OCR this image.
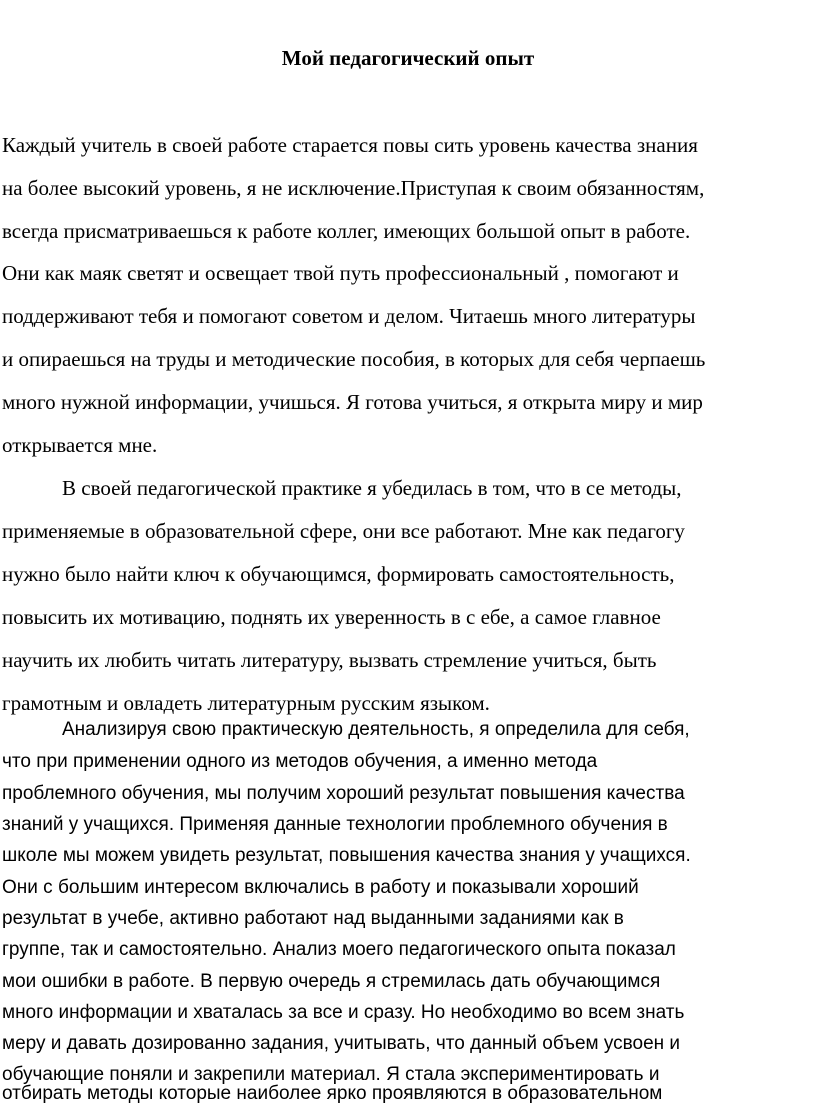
Мой педагогический опыт
Каждый учитель в своей работе старается повы сить уровень качества знания
на более высокий уровень, я не исключение.Приступая к своим обязанностям,
всегда присматриваешься к работе коллег, имеющих большой опыт в работе.
Они как маяк светят и освещает твой путь профессиональный , помогают и
поддерживают тебя и помогают советом и делом. Читаешь много литературы
и опираешься на труды и методические пособия, в которых для себя черпаешь
много нужной информации, учишься. Я готова учиться, я открыта миру и мир
открывается мне.
В своей педагогической практике я убедилась в том, что в се методы,
применяемые в образовательной сфере, они все работают. Мне как педагогу
нужно было найти ключ к обучающимся, формировать самостоятельность,
повысить их мотивацию, поднять их уверенность в с ебе, а самое главное
научить их любить читать литературу, вызвать стремление учиться, быть
грамотным и овладеть литературным русским языком.
Анализируя свою практическую деятельность, я определила для себя,
что при применении одного из методов обучения, а именно метода
проблемного обучения, мы получим хороший результат повышения качества
знаний у учащихся. Применяя данные технологии проблемного обучения в
школе мы можем увидеть результат, повышения качества знания у учащихся.
Они с большим интересом включались в работу и показывали хороший
результат в учебе, активно работают над выданными заданиями как в
группе, так и самостоятельно. Анализ моего педагогического опыта показал
мои ошибки в работе. В первую очередь я стремилась дать обучающимся
много информации и хваталась за все и сразу. Но необходимо во всем знать
меру и давать дозированно задания, учитывать, что данный объем усвоен и
обучающие поняли и закрепили материал. Я стала экспериментировать и
отбирать методы которые наиболее ярко проявляются в образовательном
